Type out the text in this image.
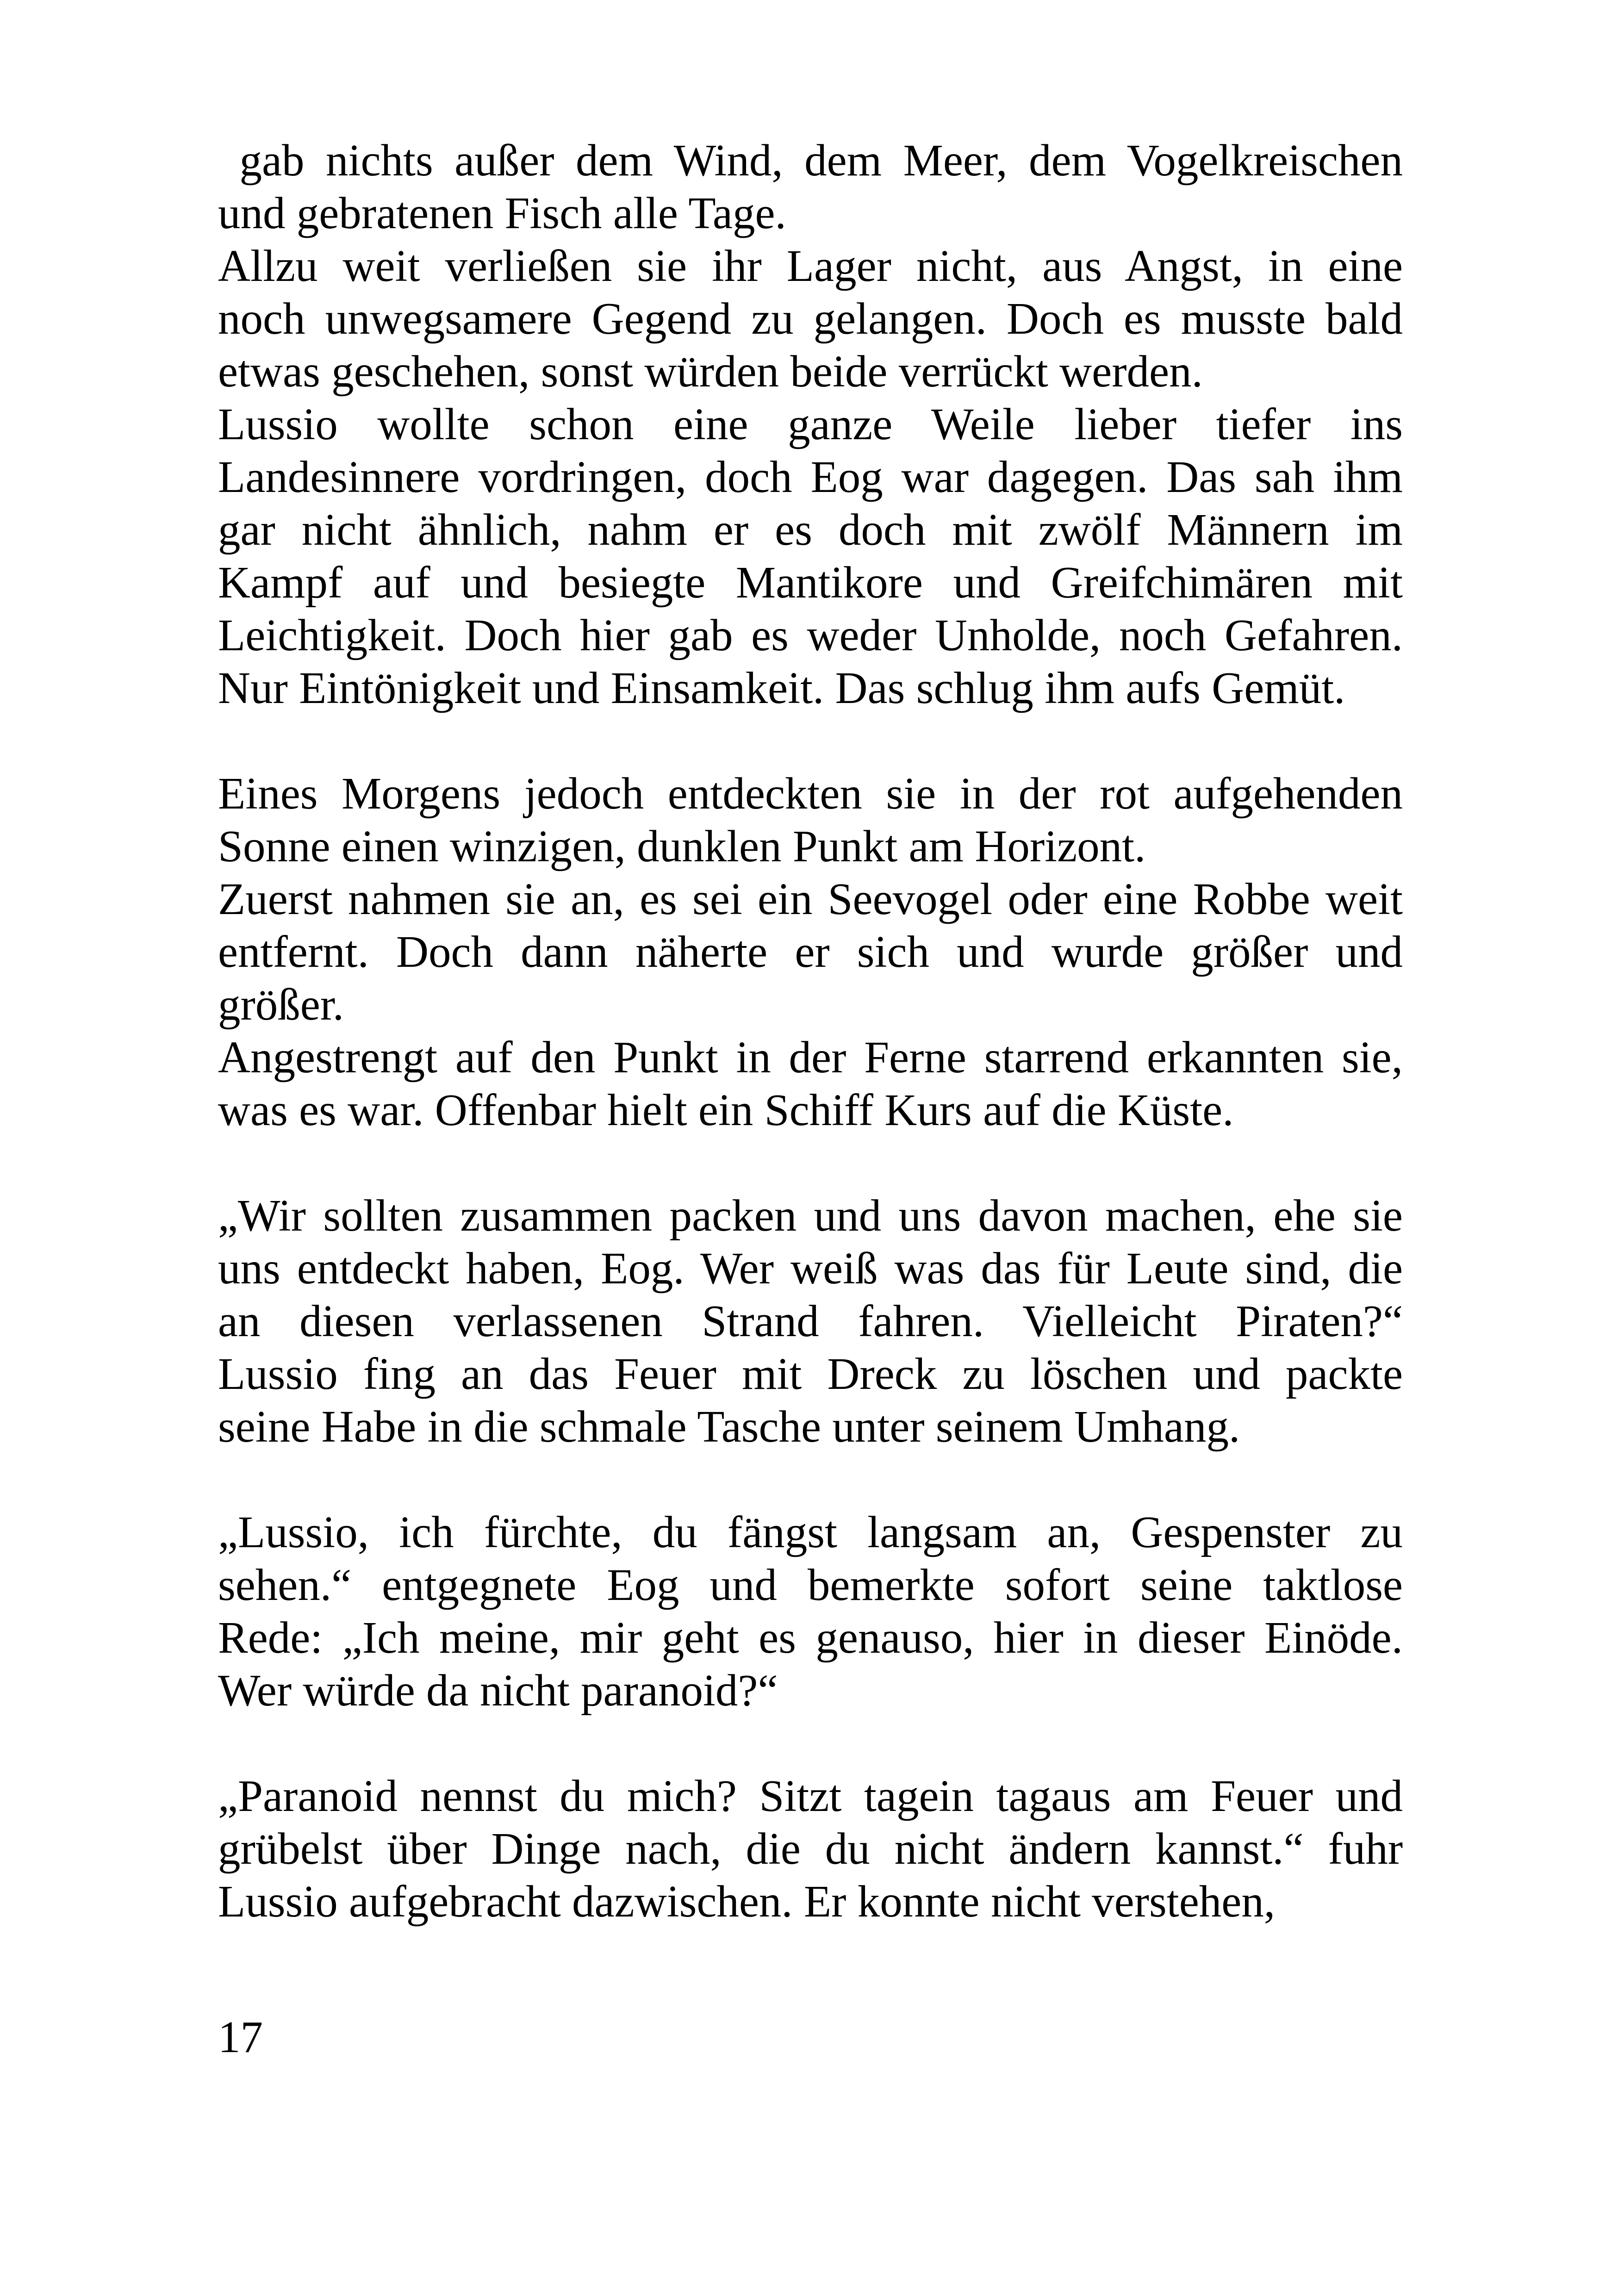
gab nichts außer dem Wind, dem Meer, dem Vogelkreischen
und gebratenen Fisch alle Tage.

Allzu weit verließen sie ihr Lager nicht, aus Angst, in eine
noch unwegsamere Gegend zu gelangen. Doch es musste bald
etwas geschehen, sonst würden beide verrückt werden.

Lussio wollte schon eine ganze Weile lieber tiefer ins
Landesinnere vordringen, doch Eog war dagegen. Das sah ihm
gar nicht ähnlich, nahm er es doch mit zwölf Männern im
Kampf auf und besiegte Mantikore und Greifchimären mit
Leichtigkeit. Doch hier gab es weder Unholde, noch Gefahren.
Nur Eintönigkeit und Einsamkeit. Das schlug ihm aufs Gemüt.

Eines Morgens jedoch entdeckten sie in der rot aufgehenden
Sonne einen winzigen, dunklen Punkt am Horizont.

Zuerst nahmen sie an, es sei ein Seevogel oder eine Robbe weit
entfernt. Doch dann näherte er sich und wurde größer und
größer.

Angestrengt auf den Punkt in der Ferne starrend erkannten sie,
was es war. Offenbar hielt ein Schiff Kurs auf die Küste.

„Wir sollten zusammen packen und uns davon machen, ehe sie
uns entdeckt haben, Eog. Wer weiß was das für Leute sind, die
an diesen verlassenen Strand fahren. Vielleicht Piraten?“
Lussio fing an das Feuer mit Dreck zu löschen und packte
seine Habe in die schmale Tasche unter seinem Umhang.

„Lussio, ich fürchte, du fängst langsam an, Gespenster zu
sehen.“ entgegnete Eog und bemerkte sofort seine taktlose
Rede: „Ich meine, mir geht es genauso, hier in dieser Einöde.
Wer würde da nicht paranoid?“

„Paranoid nennst du mich? Sitzt tagein tagaus am Feuer und
grübelst über Dinge nach, die du nicht ändern kannst.“ fuhr
Lussio aufgebracht dazwischen. Er konnte nicht verstehen,

17
